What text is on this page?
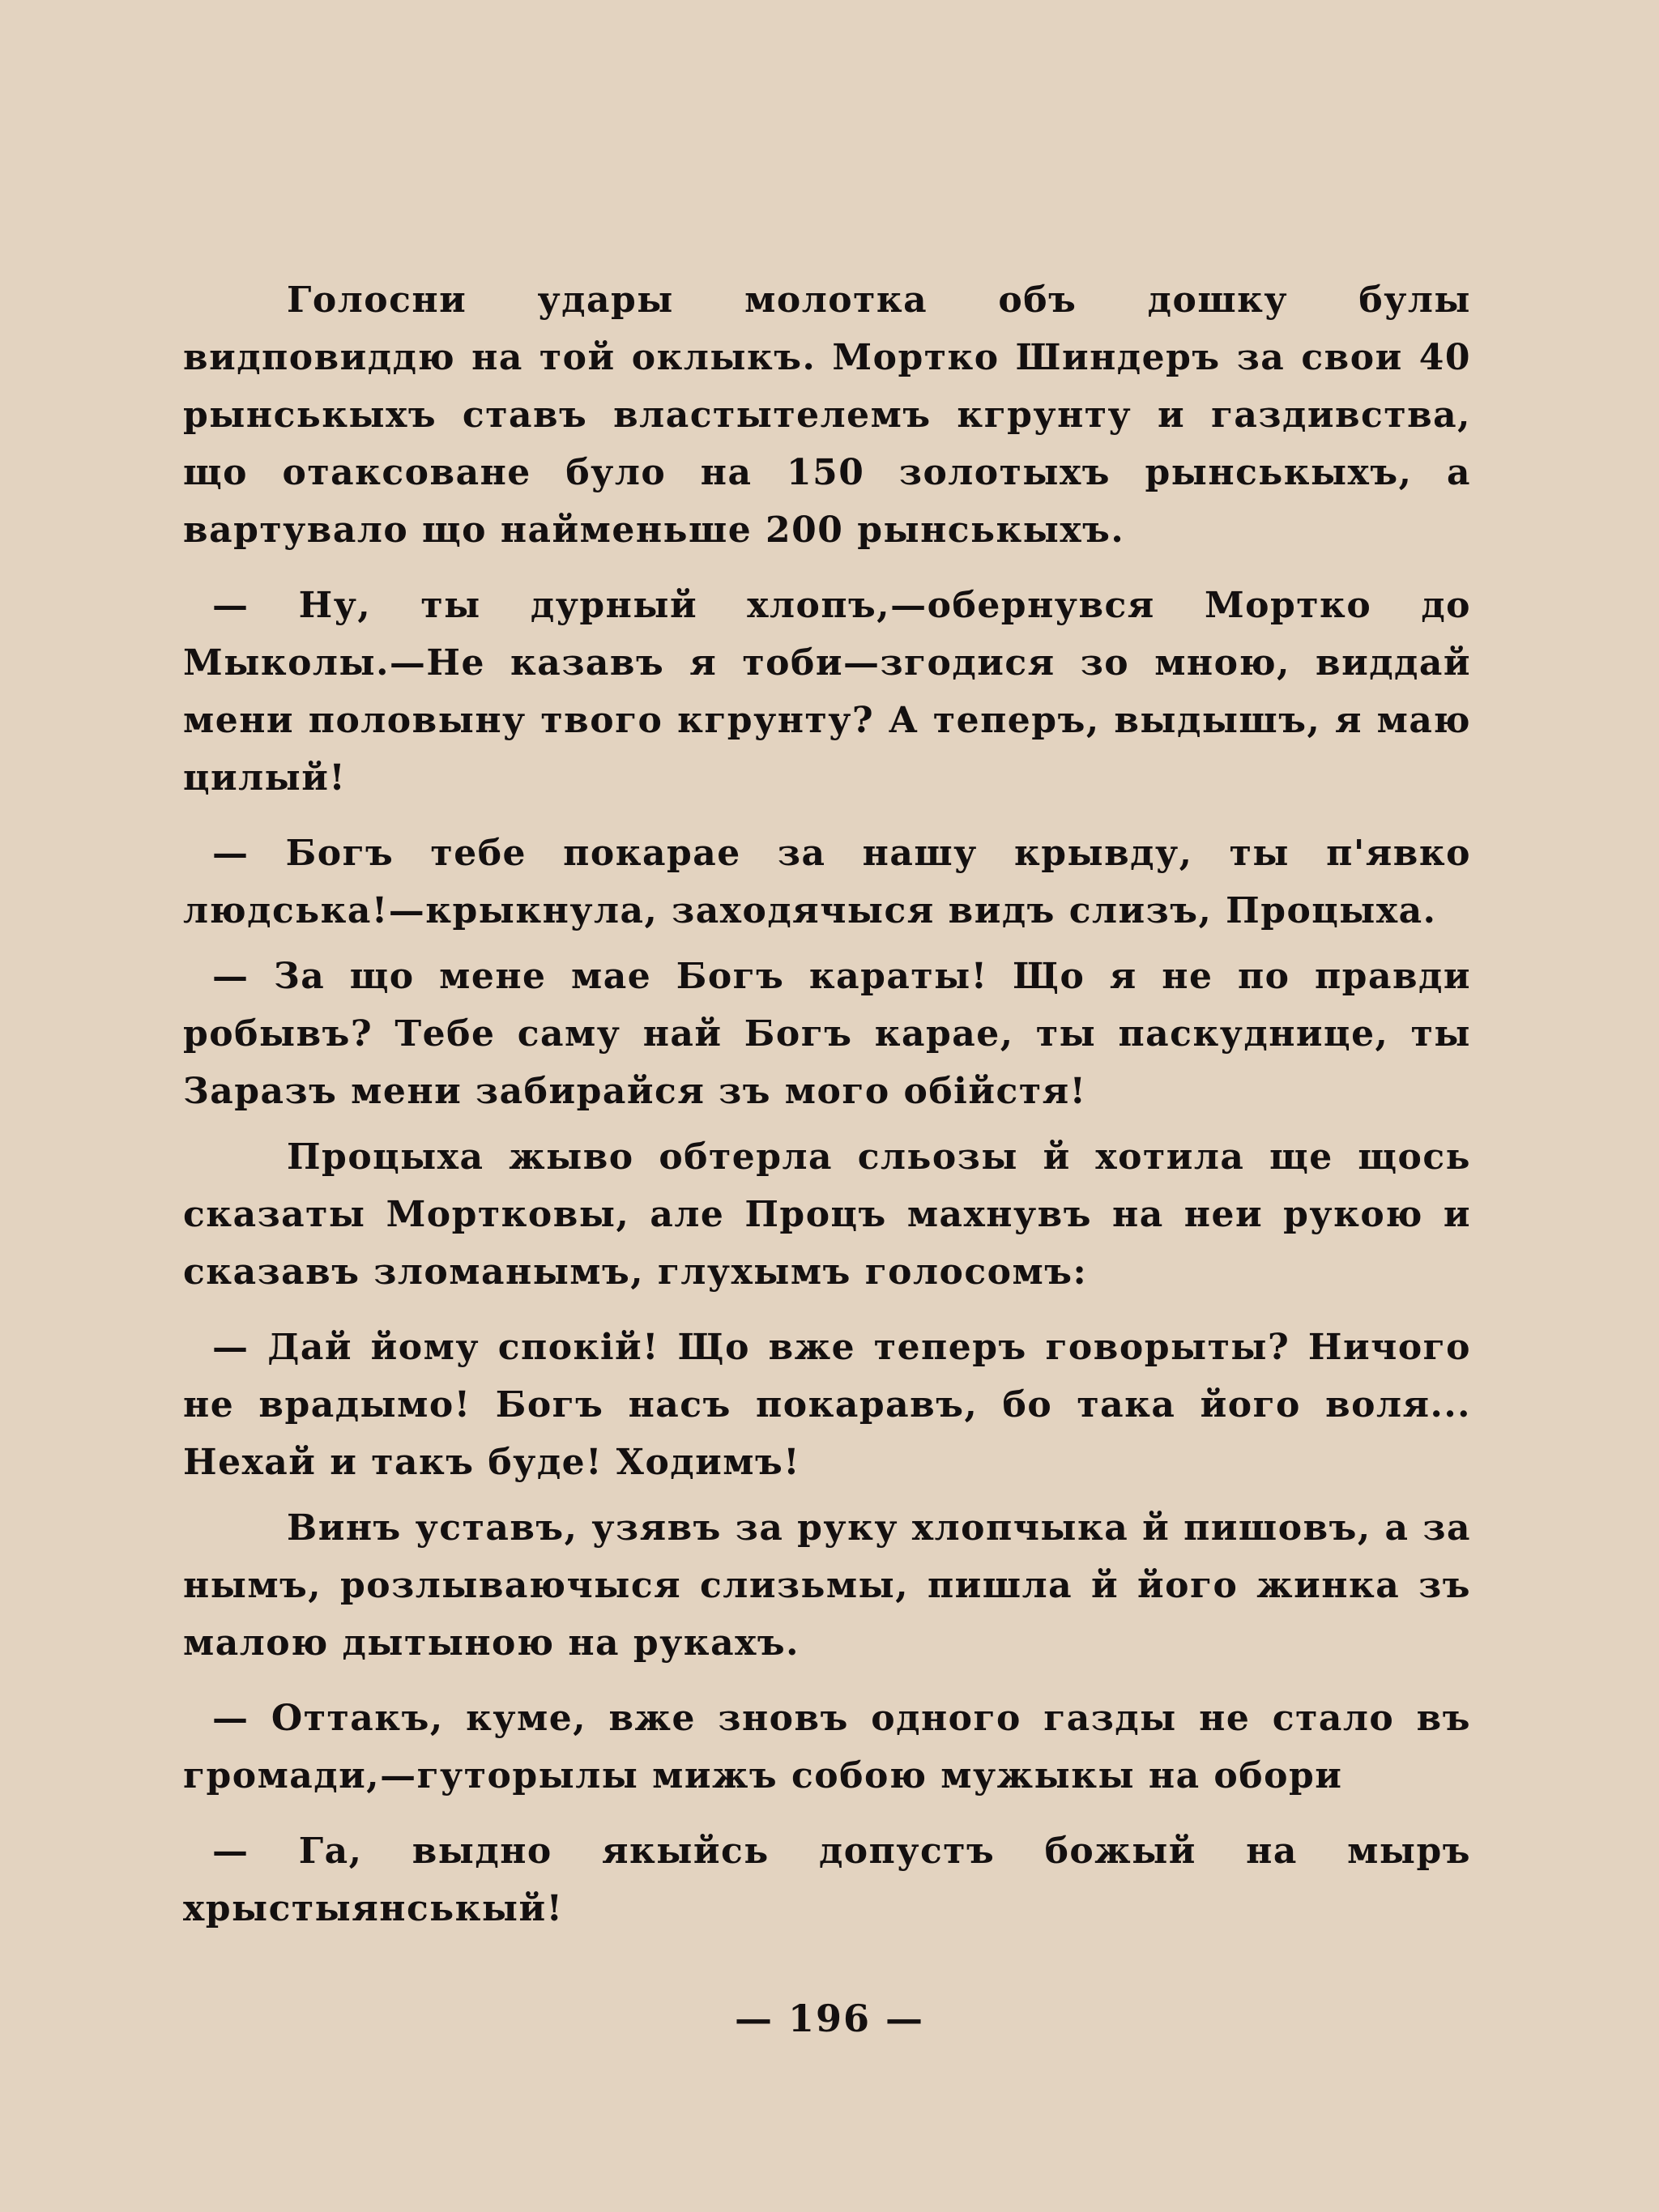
Голосни удары молотка объ дошку булы видповиддю на той оклыкъ. Мортко Шиндеръ за свои 40 рынськыхъ ставъ властытелемъ кгрунту и газдивства, що отаксоване було на 150 золотыхъ рынськыхъ, а вартувало що найменьше 200 рынськыхъ.

— Ну, ты дурный хлопъ,—обернувся Мортко до Мыколы.—Не казавъ я тоби—згодися зо мною, виддай мени половыну твого кгрунту? А теперъ, выдышъ, я маю цилый!

— Богъ тебе покарае за нашу крывду, ты п'явко людська!—крыкнула, заходячыся видъ слизъ, Процыха.

— За що мене мае Богъ караты! Що я не по правди робывъ? Тебе саму най Богъ карае, ты паскуднице, ты Заразъ мени забирайся зъ мого обійстя!

Процыха жыво обтерла сльозы й хотила ще щось сказаты Мортковы, але Процъ махнувъ на неи рукою и сказавъ зломанымъ, глухымъ голосомъ:

— Дай йому спокій! Що вже теперъ говорыты? Ничого не врадымо! Богъ насъ покаравъ, бо така його воля... Нехай и такъ буде! Ходимъ!

Винъ уставъ, узявъ за руку хлопчыка й пишовъ, а за нымъ, розлываючыся слизьмы, пишла й його жинка зъ малою дытыною на рукахъ.

— Оттакъ, куме, вже зновъ одного газды не стало въ громади,—гуторылы мижъ собою мужыкы на обори

— Га, выдно якыйсь допустъ божый на мыръ хрыстыянськый!

— 196 —
